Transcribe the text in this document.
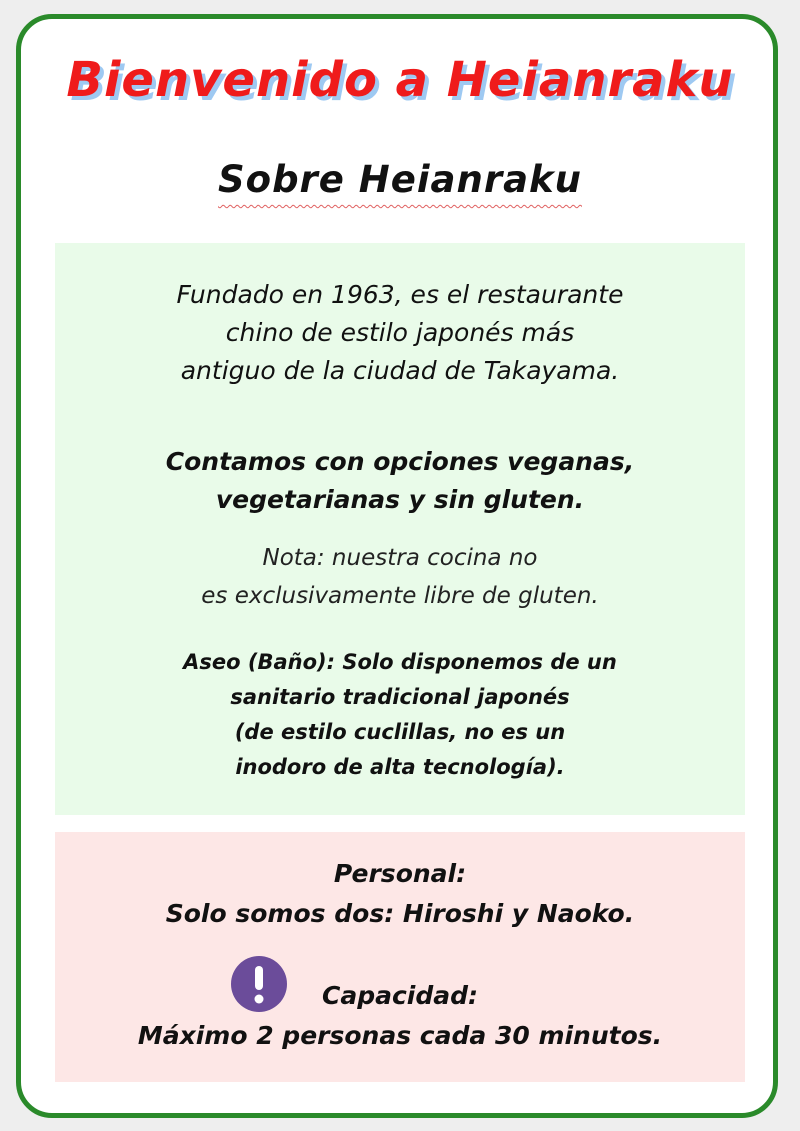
Bienvenido a Heianraku
Sobre Heianraku

Fundado en 1963, es el restaurante
chino de estilo japonés más
antiguo de la ciudad de Takayama.

Contamos con opciones veganas,
vegetarianas y sin gluten.

Nota: nuestra cocina no
es exclusivamente libre de gluten.

Aseo (Baño): Solo disponemos de un
sanitario tradicional japonés
(de estilo cuclillas, no es un
inodoro de alta tecnología).

Personal:

Solo somos dos: Hiroshi y Naoko.

Capacidad:

Máximo 2 personas cada 30 minutos.
